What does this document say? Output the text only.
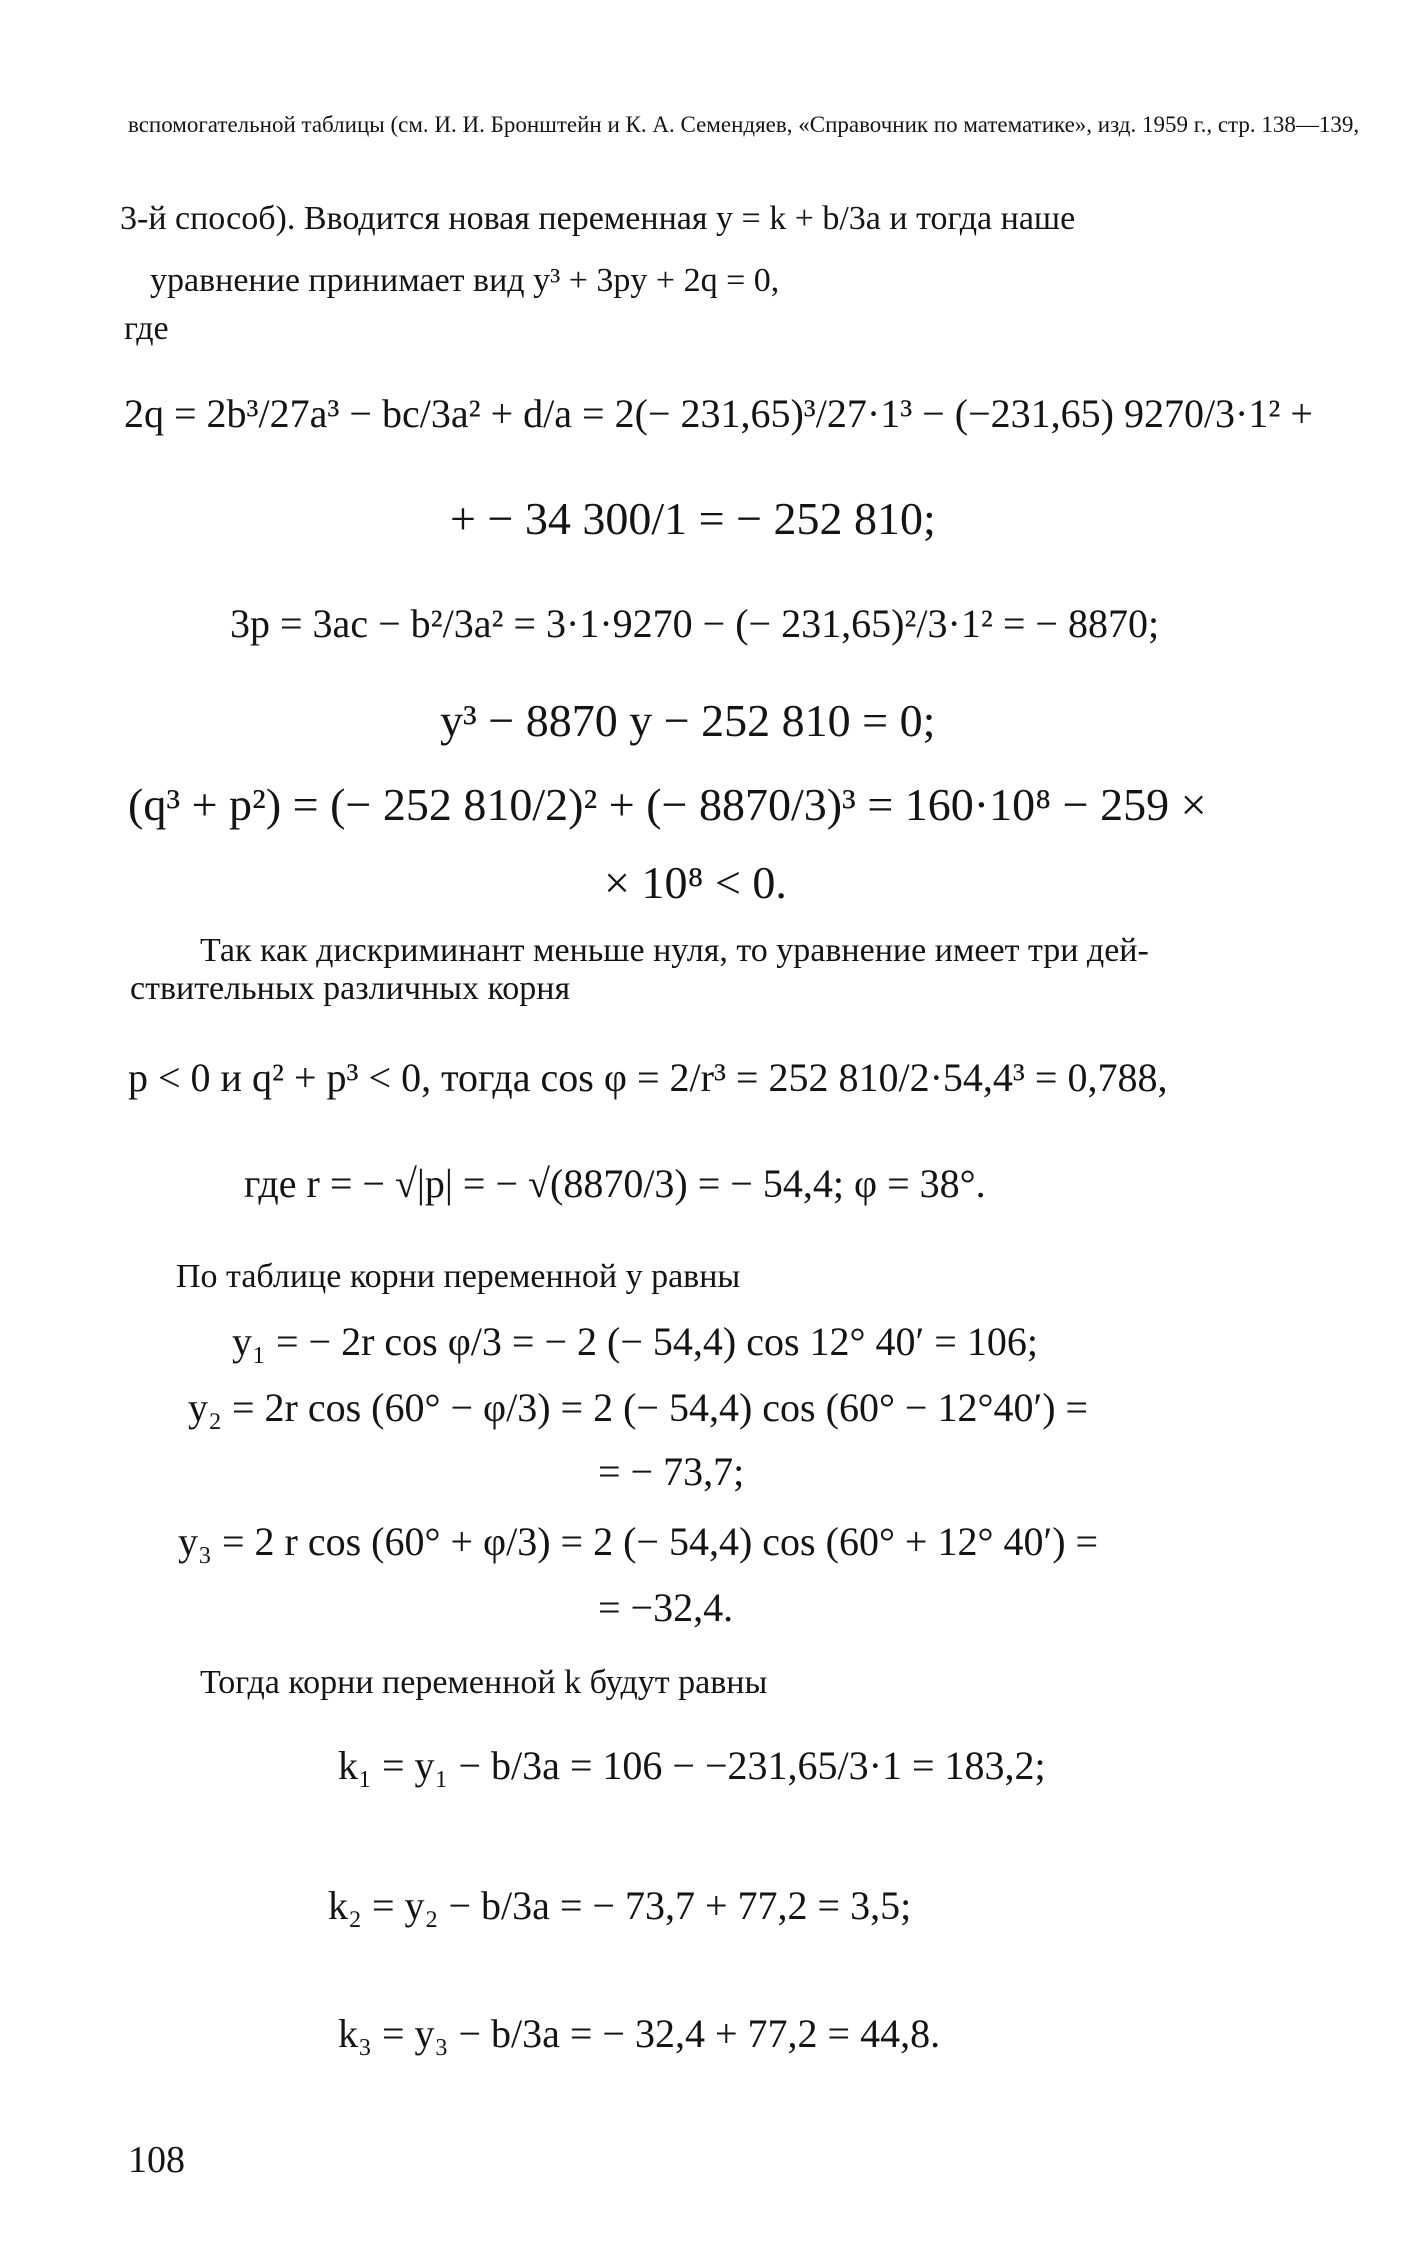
вспомогательной таблицы (см. И. И. Бронштейн и К. А. Семендяев, «Справочник по математике», изд. 1959 г., стр. 138—139,
3-й способ). Вводится новая переменная y = k + b/3a и тогда наше
уравнение принимает вид y³ + 3py + 2q = 0,
где
2q = 2b³/27a³ − bc/3a² + d/a = 2(− 231,65)³/27·1³ − (−231,65) 9270/3·1² +
+ − 34 300/1 = − 252 810;
3p = 3ac − b²/3a² = 3·1·9270 − (− 231,65)²/3·1² = − 8870;
y³ − 8870 y − 252 810 = 0;
(q³ + p²) = (− 252 810/2)² + (− 8870/3)³ = 160·10⁸ − 259 ×
× 10⁸ < 0.
Так как дискриминант меньше нуля, то уравнение имеет три дей-
ствительных различных корня
p < 0 и q² + p³ < 0, тогда cos φ = 2/r³ = 252 810/2·54,4³ = 0,788,
где r = − √|p| = − √(8870/3) = − 54,4; φ = 38°.
По таблице корни переменной y равны
y₁ = − 2r cos φ/3 = − 2 (− 54,4) cos 12° 40′ = 106;
y₂ = 2r cos (60° − φ/3) = 2 (− 54,4) cos (60° − 12°40′) =
= − 73,7;
y₃ = 2 r cos (60° + φ/3) = 2 (− 54,4) cos (60° + 12° 40′) =
= −32,4.
Тогда корни переменной k будут равны
k₁ = y₁ − b/3a = 106 − −231,65/3·1 = 183,2;
k₂ = y₂ − b/3a = − 73,7 + 77,2 = 3,5;
k₃ = y₃ − b/3a = − 32,4 + 77,2 = 44,8.
108
